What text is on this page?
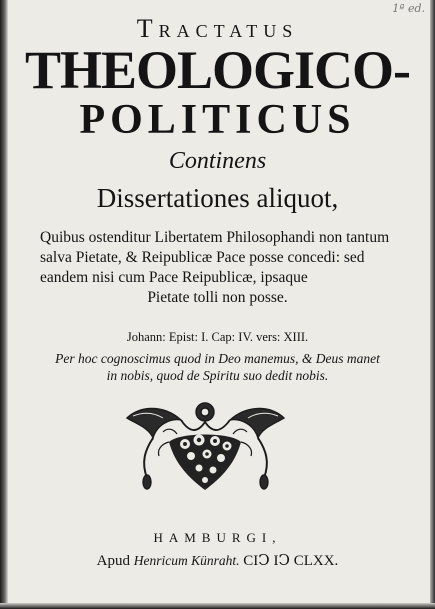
1ª ed.
Tractatus
THEOLOGICO-
POLITICUS
Continens
Dissertationes aliquot,
Quibus ostenditur Libertatem Philosophandi non tantum
salva Pietate, & Reipublicæ Pace posse concedi: sed
eandem nisi cum Pace Reipublicæ, ipsaque
Pietate tolli non posse.
Johann: Epist: I. Cap: IV. vers: XIII.
Per hoc cognoscimus quod in Deo manemus, & Deus manet
in nobis, quod de Spiritu suo dedit nobis.
HAMBURGI,
Apud Henricum Künraht. CIↃ IↃ CLXX.
